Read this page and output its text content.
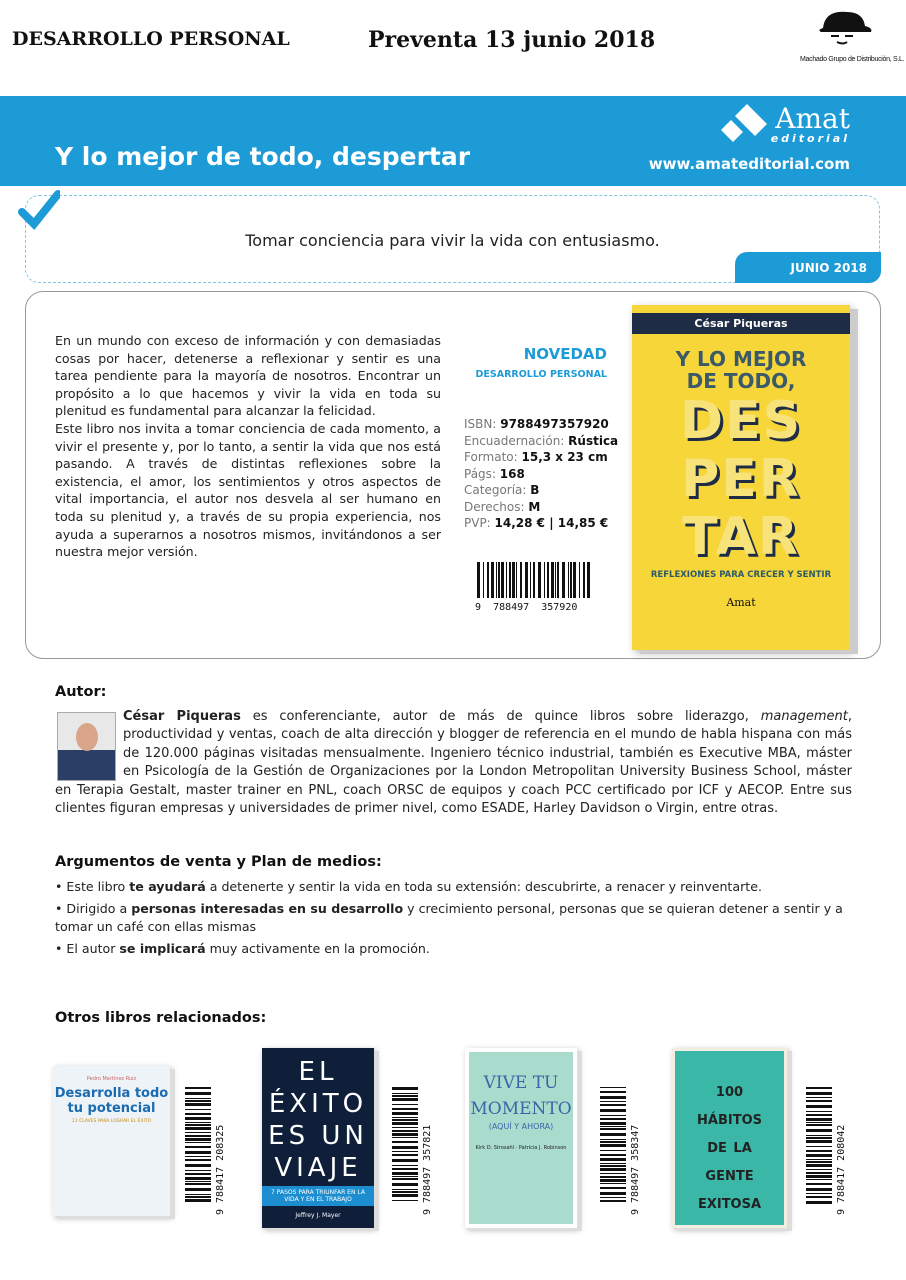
DESARROLLO PERSONAL	Preventa 13 junio 2018
Machado Grupo de Distribución, S.L.
Y lo mejor de todo, despertar
Amat
editorial
www.amateditorial.com
Tomar conciencia para vivir la vida con entusiasmo.
JUNIO 2018

En un mundo con exceso de información y con demasiadas cosas por hacer, detenerse a reflexionar y sentir es una tarea pendiente para la mayoría de nosotros. Encontrar un propósito a lo que hacemos y vivir la vida en toda su plenitud es fundamental para alcanzar la felicidad.

Este libro nos invita a tomar conciencia de cada momento, a vivir el presente y, por lo tanto, a sentir la vida que nos está pasando. A través de distintas reflexiones sobre la existencia, el amor, los sentimientos y otros aspectos de vital importancia, el autor nos desvela al ser humano en toda su plenitud y, a través de su propia experiencia, nos ayuda a superarnos a nosotros mismos, invitándonos a ser nuestra mejor versión.

NOVEDAD
DESARROLLO PERSONAL
ISBN: 9788497357920
Encuadernación: Rústica
Formato: 15,3 x 23 cm
Págs: 168
Categoría: B
Derechos: M
PVP: 14,28 € | 14,85 €
9 788497 357920
César Piqueras
Y LO MEJOR
DE TODO,
DES
PER
TAR
REFLEXIONES PARA CRECER Y SENTIR
Amat
Autor:
César Piqueras es conferenciante, autor de más de quince libros sobre liderazgo, management, productividad y ventas, coach de alta dirección y blogger de referencia en el mundo de habla hispana con más de 120.000 páginas visitadas mensualmente. Ingeniero técnico industrial, también es Executive MBA, máster en Psicología de la Gestión de Organizaciones por la London Metropolitan University Business School, máster en Terapia Gestalt, master trainer en PNL, coach ORSC de equipos y coach PCC certificado por ICF y AECOP. Entre sus clientes figuran empresas y universidades de primer nivel, como ESADE, Harley Davidson o Virgin, entre otras.
Argumentos de venta y Plan de medios:
• Este libro te ayudará a detenerte y sentir la vida en toda su extensión: descubrirte, a renacer y reinventarte.
• Dirigido a personas interesadas en su desarrollo y crecimiento personal, personas que se quieran detener a sentir y a tomar un café con ellas mismas
• El autor se implicará muy activamente en la promoción.
Otros libros relacionados:
Pedro Martínez Ruiz
Desarrolla todo tu potencial
11 CLAVES PARA LOGRAR EL ÉXITO
EL ÉXITO ES UN VIAJE
7 PASOS PARA TRIUNFAR EN LA VIDA Y EN EL TRABAJO
Jeffrey J. Mayer
VIVE TU MOMENTO
(AQUÍ Y AHORA)
Kirk D. Strosahl · Patricia J. Robinson
100 HÁBITOS DE LA GENTE EXITOSA
9 788417 208325	9 788497 357821	9 788497 358347	9 788417 208042
